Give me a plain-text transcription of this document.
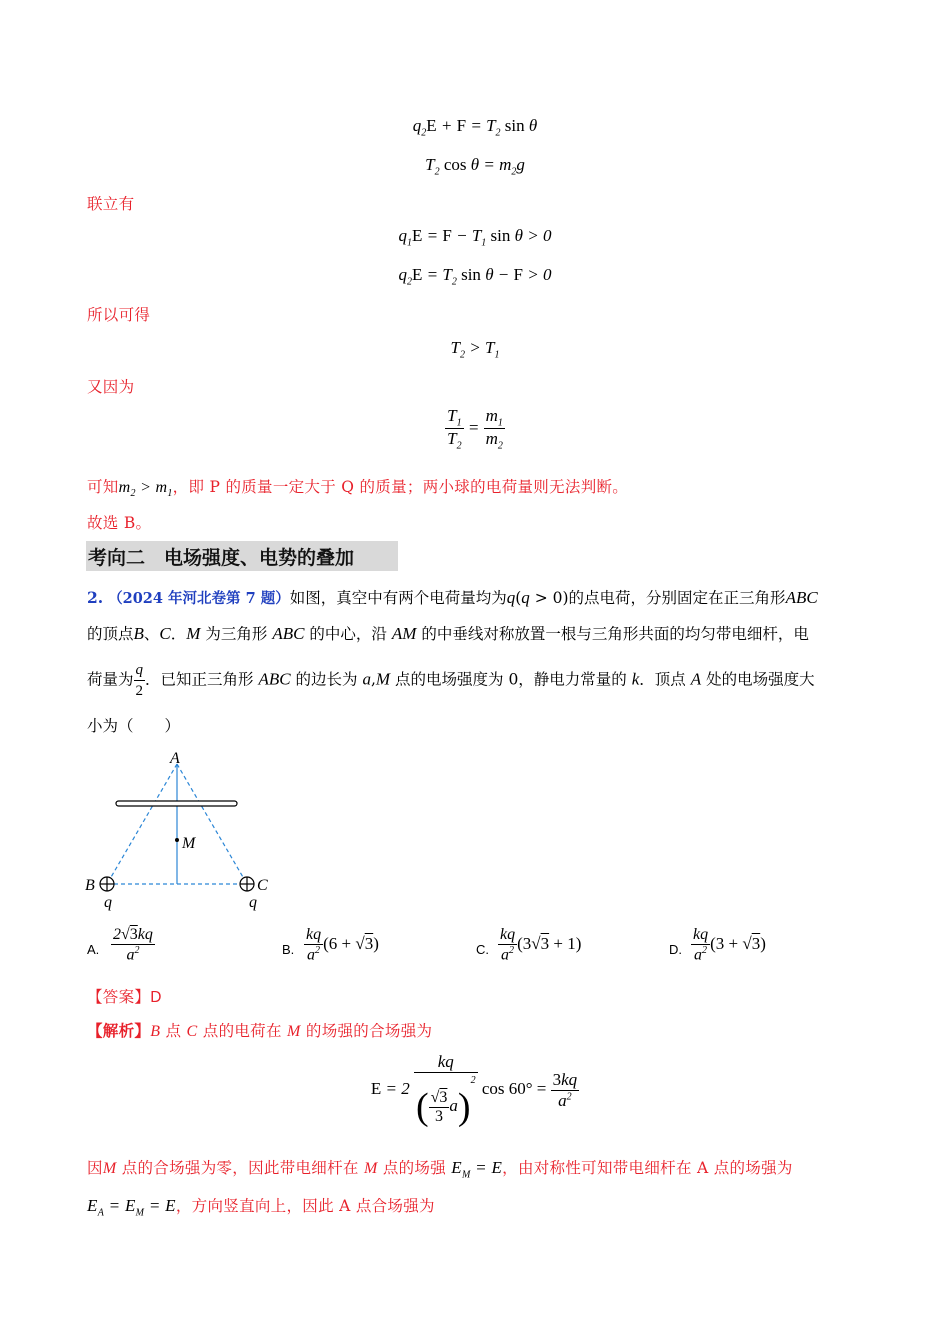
$q_2E + F = T_2$ sin θ
$T_2$ $\cos \theta = m_2g$
联立有
$q_1E = F - T_1$ sin θ > 0
$q_2E = T_2$ sin θ − F > 0
所以可得
$T_2 > T_1$
又因为
$\frac{T_1}{T_2} = \frac{m_1}{m_2}$
可知$m_2 > m_1$，即 P 的质量一定大于 Q 的质量；两小球的电荷量则无法判断。
故选 B。
考向二　电场强度、电势的叠加
2. （2024 年河北卷第 7 题）如图，真空中有两个电荷量均为q(q > 0)的点电荷，分别固定在正三角形ABC
的顶点B、C．M 为三角形 ABC 的中心，沿 AM 的中垂线对称放置一根与三角形共面的均匀带电细杆，电
荷量为 $\frac{q}{2}$ ．已知正三角形 ABC 的边长为 a,M 点的电场强度为 0，静电力常量的 k．顶点 A 处的电场强度大
小为（　　）
A
M
B	C
q	q
A. $\frac{2√3kq}{a^2}$	B. $\frac{kq}{a^2} (6 + √3)$	C. $\frac{kq}{a^2} (3√3 + 1)$	D. $\frac{kq}{a^2} (3 + √3)$
【答案】D
【解析】B 点 C 点的电荷在 M 的场强的合场强为
$E = 2 \frac{kq}{( \frac{√3}{3} a)^2}$ $\cos 60^\circ = \frac{3kq}{a^2}$
因M 点的合场强为零，因此带电细杆在 M 点的场强 $E_M = E$，由对称性可知带电细杆在 A 点的场强为
$E_A = E_M = E$，方向竖直向上，因此 A 点合场强为
